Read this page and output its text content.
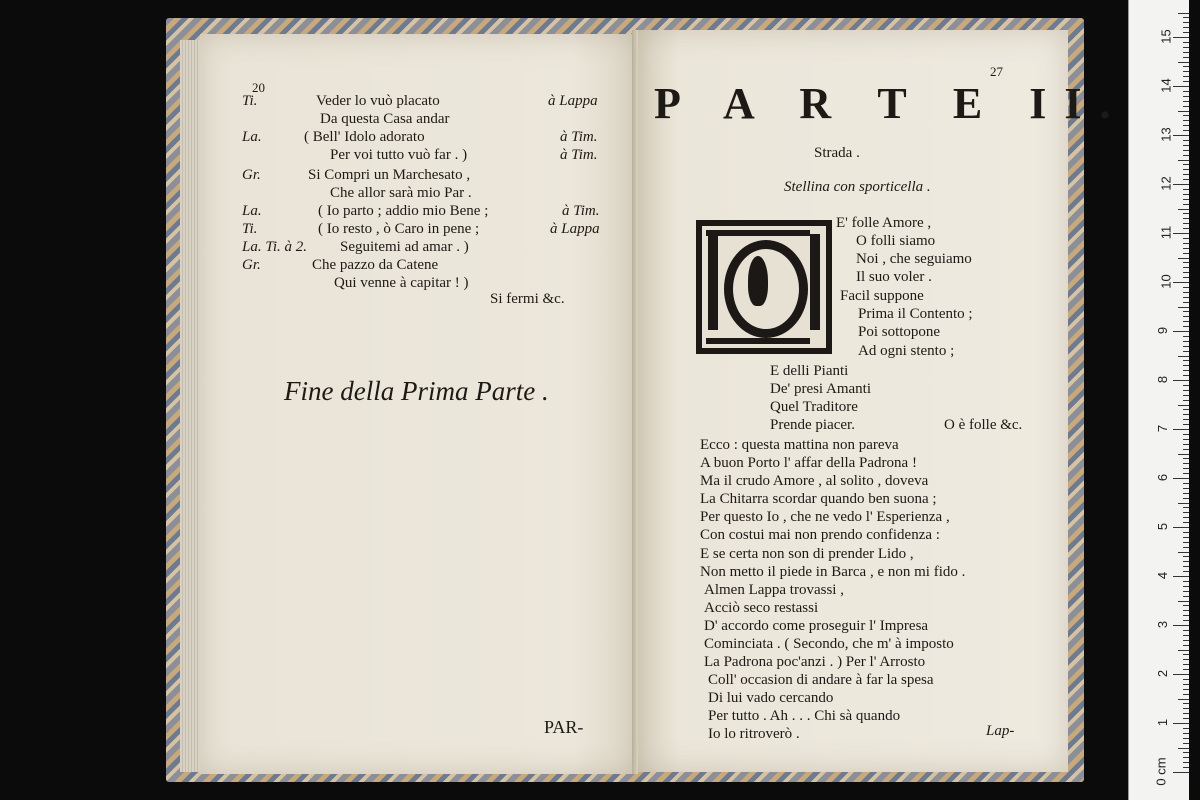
20
Ti.	Veder lo vuò placato	à Lappa
Da questa Casa andar
La.	( Bell' Idolo adorato	à Tim.
Per voi tutto vuò far . )	à Tim.
Gr.	Si Compri un Marchesato ,
Che allor sarà mio Par .
La.	( Io parto ; addio mio Bene ;	à Tim.
Ti.	( Io resto , ò Caro in pene ;	à Lappa
La. Ti. à 2. Seguitemi ad amar . )
Gr.	Che pazzo da Catene
Qui venne à capitar ! )
Si fermi &c.
Fine della Prima Parte .
PAR-
27
P A R T E II.
Strada .
Stellina con sporticella .
E' folle Amore ,
O folli siamo
Noi , che seguiamo
Il suo voler .
Facil suppone
Prima il Contento ;
Poi sottopone
Ad ogni stento ;
E delli Pianti
De' presi Amanti
Quel Traditore
Prende piacer.	O è folle &c.
Ecco : questa mattina non pareva
A buon Porto l' affar della Padrona !
Ma il crudo Amore , al solito , doveva
La Chitarra scordar quando ben suona ;
Per questo Io , che ne vedo l' Esperienza ,
Con costui mai non prendo confidenza :
E se certa non son di prender Lido ,
Non metto il piede in Barca , e non mi fido .
Almen Lappa trovassi ,
Acciò seco restassi
D' accordo come proseguir l' Impresa
Cominciata . ( Secondo, che m' à imposto
La Padrona poc'anzi . ) Per l' Arrosto
Coll' occasion di andare à far la spesa
Di lui vado cercando
Per tutto . Ah . . . Chi sà quando
Io lo ritroverò .	Lap-
0 cm
1
2
3
4
5
6
7
8
9
10
11
12
13
14
15
